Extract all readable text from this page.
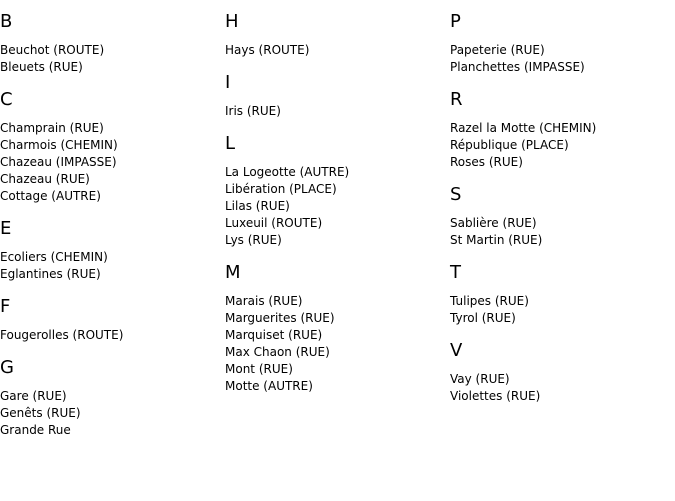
B
Beuchot (ROUTE)
Bleuets (RUE)
C
Champrain (RUE)
Charmois (CHEMIN)
Chazeau (IMPASSE)
Chazeau (RUE)
Cottage (AUTRE)
E
Ecoliers (CHEMIN)
Eglantines (RUE)
F
Fougerolles (ROUTE)
G
Gare (RUE)
Genêts (RUE)
Grande Rue
H
Hays (ROUTE)
I
Iris (RUE)
L
La Logeotte (AUTRE)
Libération (PLACE)
Lilas (RUE)
Luxeuil (ROUTE)
Lys (RUE)
M
Marais (RUE)
Marguerites (RUE)
Marquiset (RUE)
Max Chaon (RUE)
Mont (RUE)
Motte (AUTRE)
P
Papeterie (RUE)
Planchettes (IMPASSE)
R
Razel la Motte (CHEMIN)
République (PLACE)
Roses (RUE)
S
Sablière (RUE)
St Martin (RUE)
T
Tulipes (RUE)
Tyrol (RUE)
V
Vay (RUE)
Violettes (RUE)
